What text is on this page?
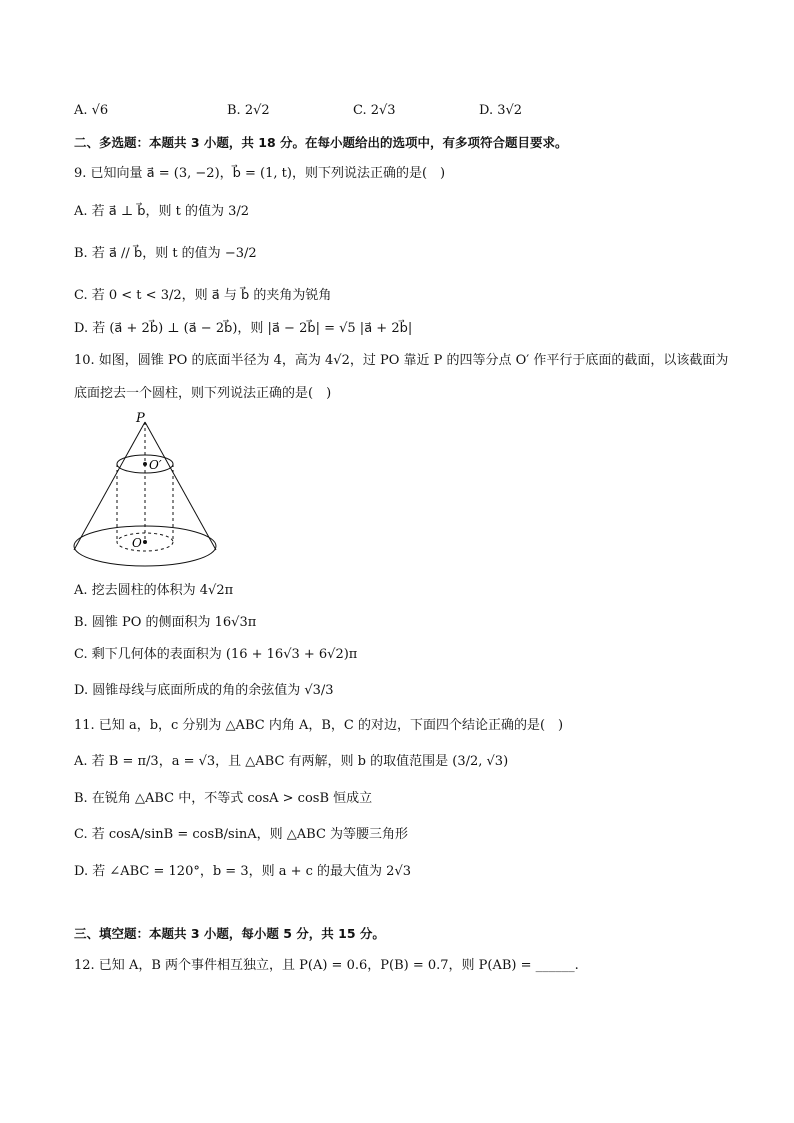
A. √6	B. 2√2	C. 2√3	D. 3√2
二、多选题：本题共 3 小题，共 18 分。在每小题给出的选项中，有多项符合题目要求。
9. 已知向量 a⃗ = (3, −2)，b⃗ = (1, t)，则下列说法正确的是(　)
A. 若 a⃗ ⊥ b⃗，则 t 的值为 3/2
B. 若 a⃗ // b⃗，则 t 的值为 −3/2
C. 若 0 < t < 3/2，则 a⃗ 与 b⃗ 的夹角为锐角
D. 若 (a⃗ + 2b⃗) ⊥ (a⃗ − 2b⃗)，则 |a⃗ − 2b⃗| = √5 |a⃗ + 2b⃗|
10. 如图，圆锥 PO 的底面半径为 4，高为 4√2，过 PO 靠近 P 的四等分点 O′ 作平行于底面的截面，以该截面为
底面挖去一个圆柱，则下列说法正确的是(　)
P
O′
O
A. 挖去圆柱的体积为 4√2π
B. 圆锥 PO 的侧面积为 16√3π
C. 剩下几何体的表面积为 (16 + 16√3 + 6√2)π
D. 圆锥母线与底面所成的角的余弦值为 √3/3
11. 已知 a，b，c 分别为 △ABC 内角 A，B，C 的对边，下面四个结论正确的是(　)
A. 若 B = π/3，a = √3，且 △ABC 有两解，则 b 的取值范围是 (3/2, √3)
B. 在锐角 △ABC 中，不等式 cosA > cosB 恒成立
C. 若 cosA/sinB = cosB/sinA，则 △ABC 为等腰三角形
D. 若 ∠ABC = 120°，b = 3，则 a + c 的最大值为 2√3
三、填空题：本题共 3 小题，每小题 5 分，共 15 分。
12. 已知 A，B 两个事件相互独立，且 P(A) = 0.6，P(B) = 0.7，则 P(AB) = ______.
